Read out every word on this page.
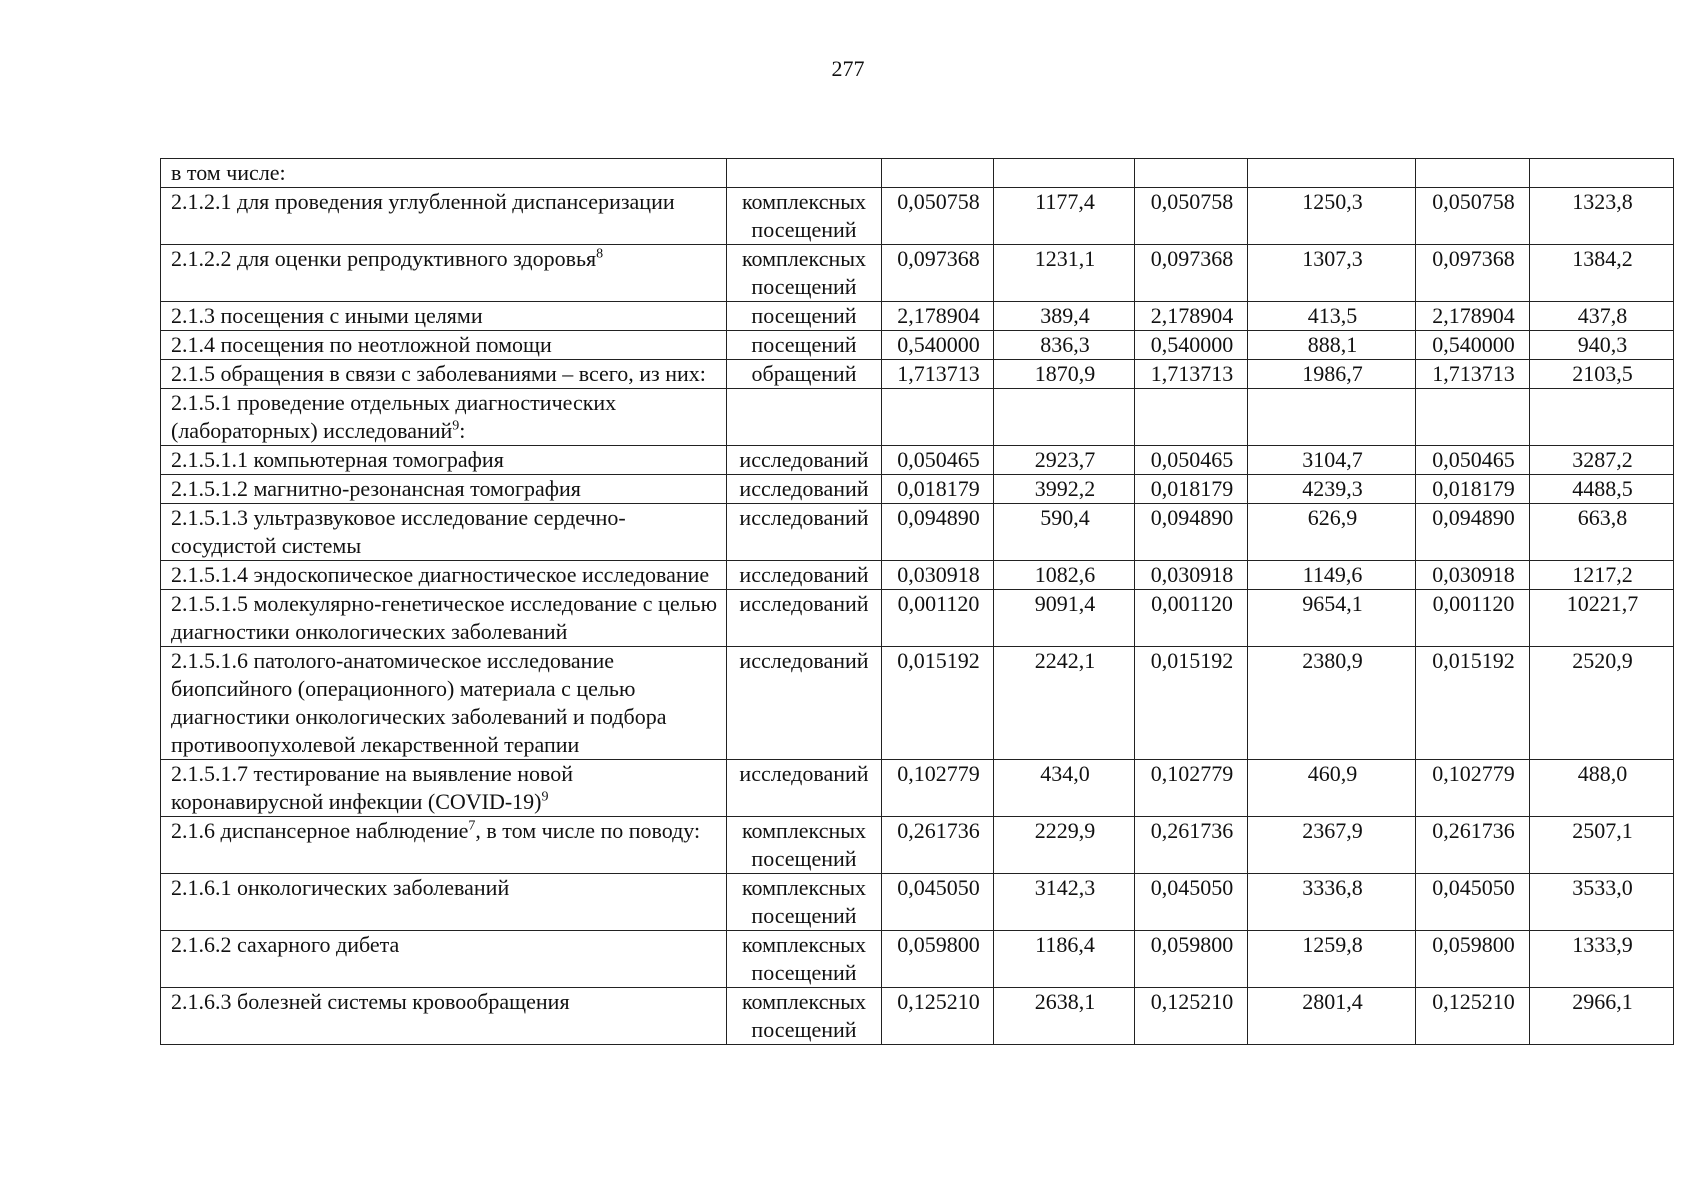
277
в том числе:							
2.1.2.1 для проведения углубленной диспансеризации	комплексных посещений	0,050758	1177,4	0,050758	1250,3	0,050758	1323,8
2.1.2.2 для оценки репродуктивного здоровья$^8$	комплексных посещений	0,097368	1231,1	0,097368	1307,3	0,097368	1384,2
2.1.3 посещения с иными целями	посещений	2,178904	389,4	2,178904	413,5	2,178904	437,8
2.1.4 посещения по неотложной помощи	посещений	0,540000	836,3	0,540000	888,1	0,540000	940,3
2.1.5 обращения в связи с заболеваниями – всего, из них:	обращений	1,713713	1870,9	1,713713	1986,7	1,713713	2103,5
2.1.5.1 проведение отдельных диагностических (лабораторных) исследований$^9$:							
2.1.5.1.1 компьютерная томография	исследований	0,050465	2923,7	0,050465	3104,7	0,050465	3287,2
2.1.5.1.2 магнитно-резонансная томография	исследований	0,018179	3992,2	0,018179	4239,3	0,018179	4488,5
2.1.5.1.3 ультразвуковое исследование сердечно-сосудистой системы	исследований	0,094890	590,4	0,094890	626,9	0,094890	663,8
2.1.5.1.4 эндоскопическое диагностическое исследование	исследований	0,030918	1082,6	0,030918	1149,6	0,030918	1217,2
2.1.5.1.5 молекулярно-генетическое исследование с целью диагностики онкологических заболеваний	исследований	0,001120	9091,4	0,001120	9654,1	0,001120	10221,7
2.1.5.1.6 патолого-анатомическое исследование биопсийного (операционного) материала с целью диагностики онкологических заболеваний и подбора противоопухолевой лекарственной терапии	исследований	0,015192	2242,1	0,015192	2380,9	0,015192	2520,9
2.1.5.1.7 тестирование на выявление новой коронавирусной инфекции (COVID-19)$^9$	исследований	0,102779	434,0	0,102779	460,9	0,102779	488,0
2.1.6 диспансерное наблюдение$^7$, в том числе по поводу:	комплексных посещений	0,261736	2229,9	0,261736	2367,9	0,261736	2507,1
2.1.6.1 онкологических заболеваний	комплексных посещений	0,045050	3142,3	0,045050	3336,8	0,045050	3533,0
2.1.6.2 сахарного дибета	комплексных посещений	0,059800	1186,4	0,059800	1259,8	0,059800	1333,9
2.1.6.3 болезней системы кровообращения	комплексных посещений	0,125210	2638,1	0,125210	2801,4	0,125210	2966,1
